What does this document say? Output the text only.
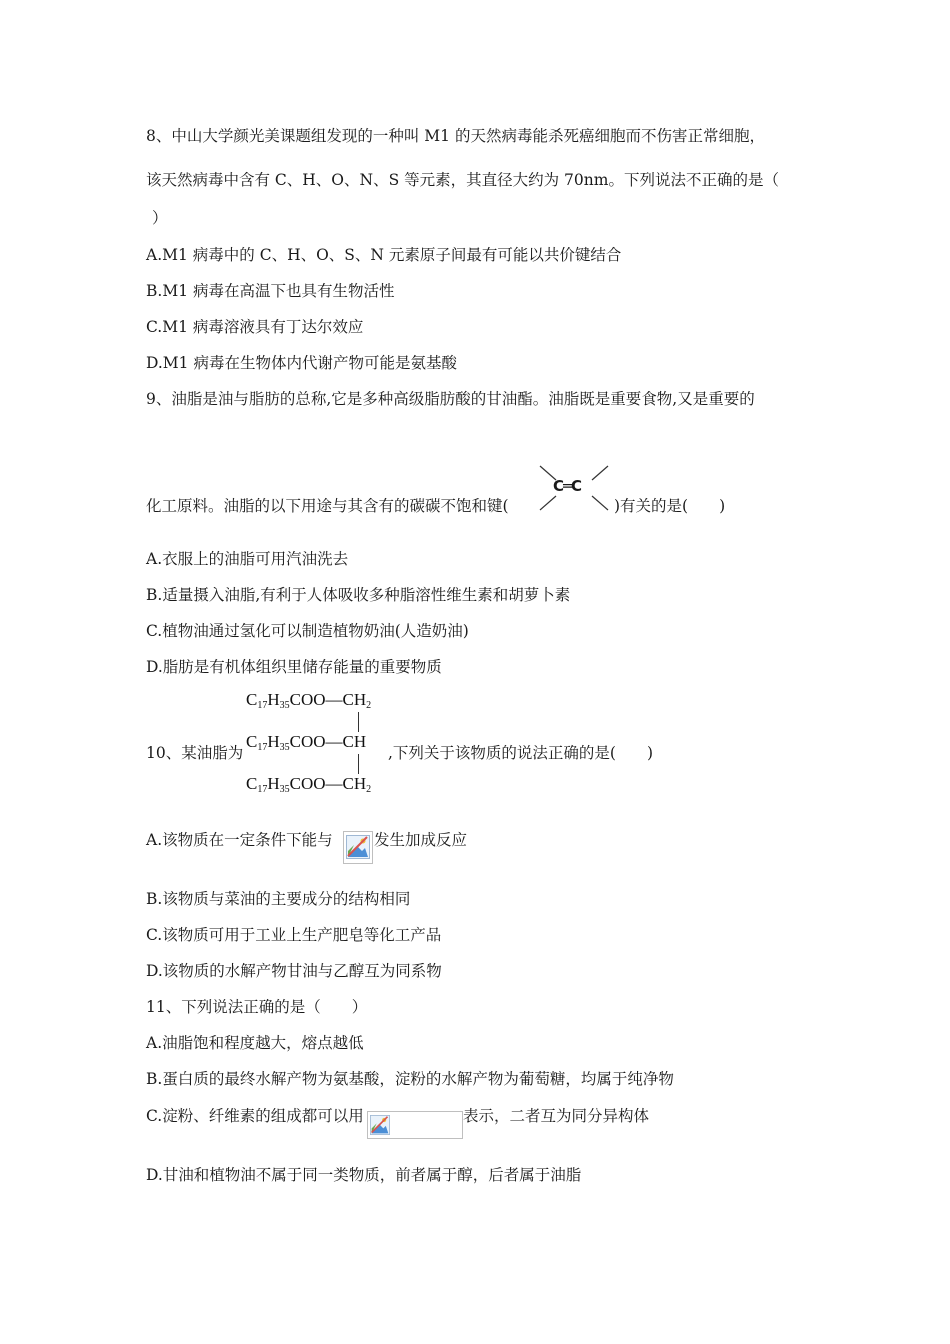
8、中山大学颜光美课题组发现的一种叫 M1 的天然病毒能杀死癌细胞而不伤害正常细胞，
该天然病毒中含有 C、H、O、N、S 等元素，其直径大约为 70nm。下列说法不正确的是（
）
A.M1 病毒中的 C、H、O、S、N 元素原子间最有可能以共价键结合
B.M1 病毒在高温下也具有生物活性
C.M1 病毒溶液具有丁达尔效应
D.M1 病毒在生物体内代谢产物可能是氨基酸
9、油脂是油与脂肪的总称,它是多种高级脂肪酸的甘油酯。油脂既是重要食物,又是重要的
化工原料。油脂的以下用途与其含有的碳碳不饱和键(
C═C
)有关的是(　　)
A.衣服上的油脂可用汽油洗去
B.适量摄入油脂,有利于人体吸收多种脂溶性维生素和胡萝卜素
C.植物油通过氢化可以制造植物奶油(人造奶油)
D.脂肪是有机体组织里储存能量的重要物质
10、某油脂为
$C_{17}H_{35}COO—CH_2$
$C_{17}H_{35}COO—CH$
$C_{17}H_{35}COO—CH_2$
,下列关于该物质的说法正确的是(　　)
A.该物质在一定条件下能与	发生加成反应
B.该物质与菜油的主要成分的结构相同
C.该物质可用于工业上生产肥皂等化工产品
D.该物质的水解产物甘油与乙醇互为同系物
11、下列说法正确的是（　　）
A.油脂饱和程度越大，熔点越低
B.蛋白质的最终水解产物为氨基酸，淀粉的水解产物为葡萄糖，均属于纯净物
C.淀粉、纤维素的组成都可以用	表示，二者互为同分异构体
D.甘油和植物油不属于同一类物质，前者属于醇，后者属于油脂
